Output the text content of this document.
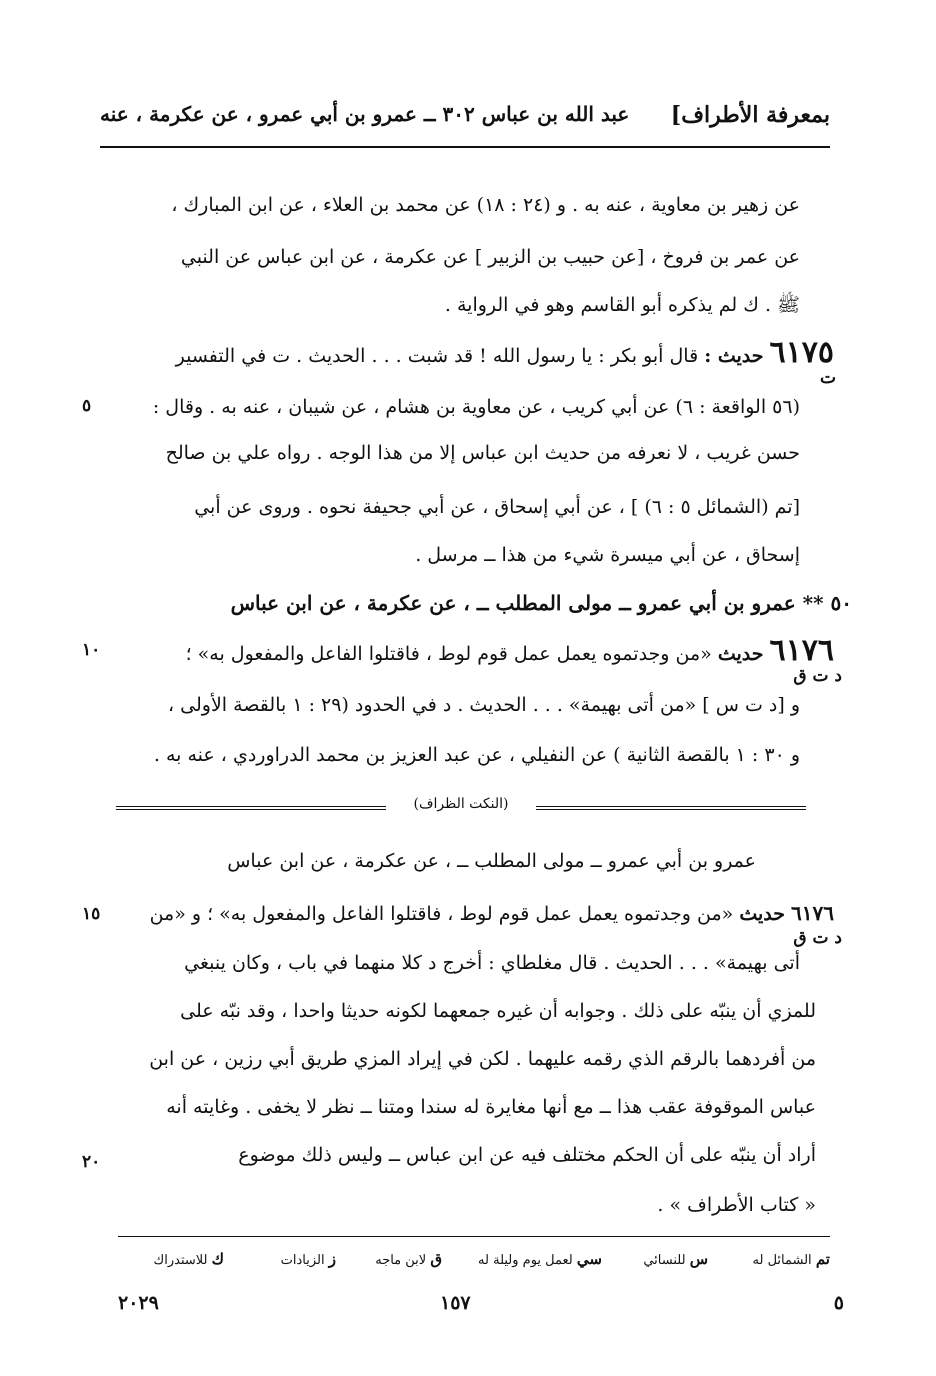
بمعرفة الأطراف]
عبد الله بن عباس ٣٠٢ ــ عمرو بن أبي عمرو ، عن عكرمة ، عنه
عن زهير بن معاوية ، عنه به . و (٢٤ : ١٨) عن محمد بن العلاء ، عن ابن المبارك ،
عن عمر بن فروخ ، [عن حبيب بن الزبير ] عن عكرمة ، عن ابن عباس عن النبي
ﷺ . ك لم يذكره أبو القاسم وهو في الرواية .
٦١٧٥ حديث : قال أبو بكر : يا رسول الله ! قد شبت . . . الحديث . ت في التفسير
ت
(٥٦ الواقعة : ٦) عن أبي كريب ، عن معاوية بن هشام ، عن شيبان ، عنه به . وقال :
٥
حسن غريب ، لا نعرفه من حديث ابن عباس إلا من هذا الوجه . رواه علي بن صالح
[تم (الشمائل ٥ : ٦) ] ، عن أبي إسحاق ، عن أبي جحيفة نحوه . وروى عن أبي
إسحاق ، عن أبي ميسرة شيء من هذا ــ مرسل .
٥٠ ** عمرو بن أبي عمرو ــ مولى المطلب ــ ، عن عكرمة ، عن ابن عباس
٦١٧٦ حديث «من وجدتموه يعمل عمل قوم لوط ، فاقتلوا الفاعل والمفعول به» ؛
١٠
د ت ق
و [د ت س ] «من أتى بهيمة» . . . الحديث . د في الحدود (٢٩ : ١ بالقصة الأولى ،
و ٣٠ : ١ بالقصة الثانية ) عن النفيلي ، عن عبد العزيز بن محمد الدراوردي ، عنه به .
(النكت الظراف)
عمرو بن أبي عمرو ــ مولى المطلب ــ ، عن عكرمة ، عن ابن عباس
٦١٧٦ حديث «من وجدتموه يعمل عمل قوم لوط ، فاقتلوا الفاعل والمفعول به» ؛ و «من
١٥
د ت ق
أتى بهيمة» . . . الحديث . قال مغلطاي : أخرج د كلا منهما في باب ، وكان ينبغي
للمزي أن ينبّه على ذلك . وجوابه أن غيره جمعهما لكونه حديثا واحدا ، وقد نبّه على
من أفردهما بالرقم الذي رقمه عليهما . لكن في إيراد المزي طريق أبي رزين ، عن ابن
عباس الموقوفة عقب هذا ــ مع أنها مغايرة له سندا ومتنا ــ نظر لا يخفى . وغايته أنه
أراد أن ينبّه على أن الحكم مختلف فيه عن ابن عباس ــ وليس ذلك موضوع
٢٠
« كتاب الأطراف » .
تم الشمائل له
س للنسائي
سي لعمل يوم وليلة له
ق لابن ماجه
ز الزيادات
ك للاستدراك
٥
١٥٧
٢٠٢٩
